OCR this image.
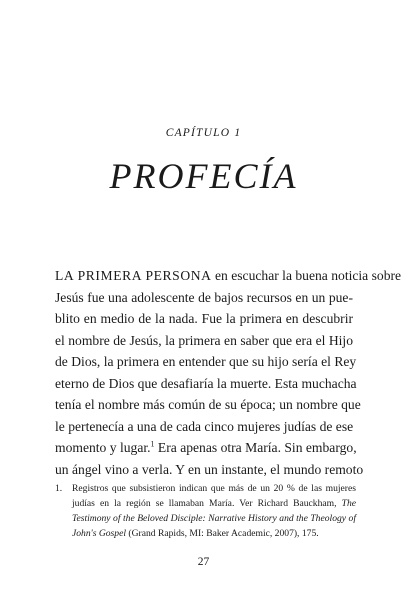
CAPÍTULO 1
PROFECÍA
LA PRIMERA PERSONA en escuchar la buena noticia sobre
Jesús fue una adolescente de bajos recursos en un pue-
blito en medio de la nada. Fue la primera en descubrir
el nombre de Jesús, la primera en saber que era el Hijo
de Dios, la primera en entender que su hijo sería el Rey
eterno de Dios que desafiaría la muerte. Esta muchacha
tenía el nombre más común de su época; un nombre que
le pertenecía a una de cada cinco mujeres judías de ese
momento y lugar.$^1$ Era apenas otra María. Sin embargo,
un ángel vino a verla. Y en un instante, el mundo remoto
1. Registros que subsistieron indican que más de un 20 % de las mujeres
judías en la región se llamaban María. Ver Richard Bauckham, The
Testimony of the Beloved Disciple: Narrative History and the Theology of
John's Gospel (Grand Rapids, MI: Baker Academic, 2007), 175.
27
